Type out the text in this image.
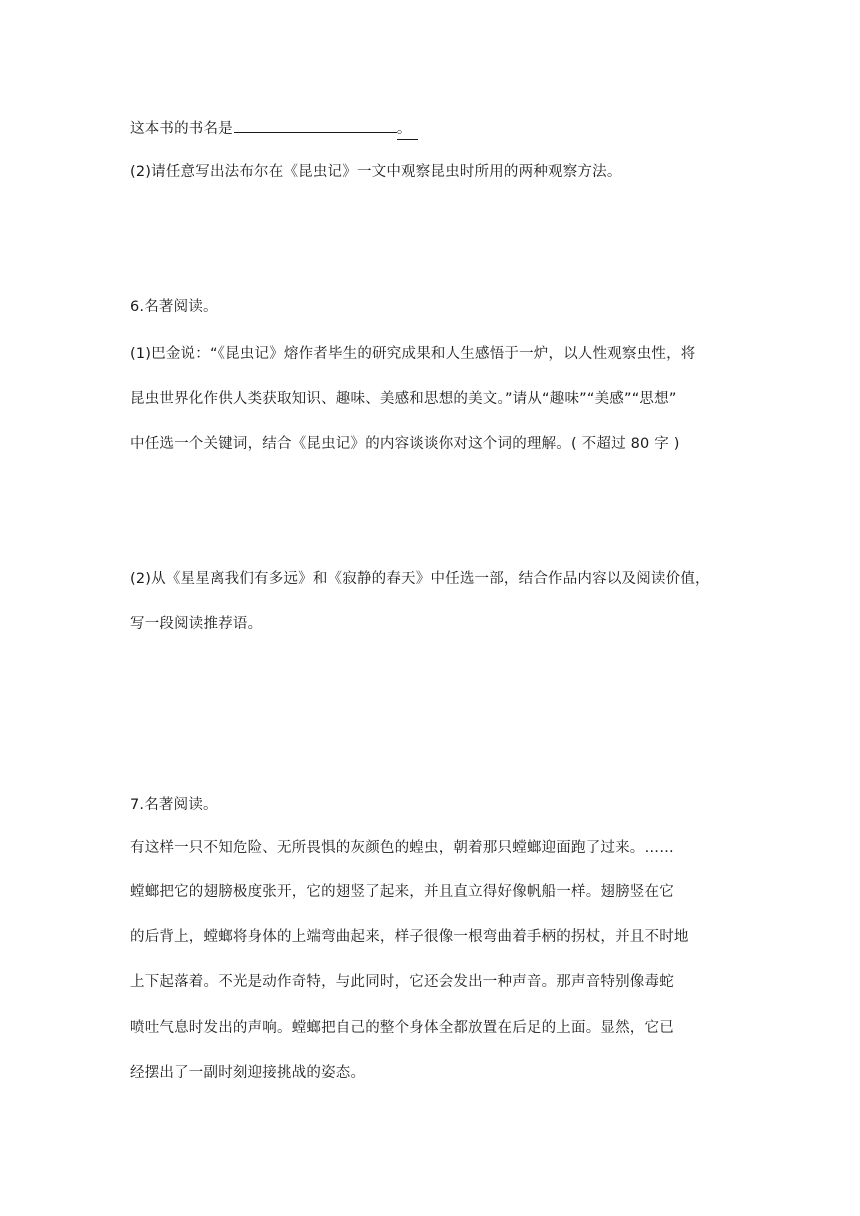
这本书的书名是	。
(2)请任意写出法布尔在《昆虫记》一文中观察昆虫时所用的两种观察方法。
6.名著阅读。
(1)巴金说：“《昆虫记》熔作者毕生的研究成果和人生感悟于一炉，以人性观察虫性，将
昆虫世界化作供人类获取知识、趣味、美感和思想的美文。”请从“趣味”“美感”“思想”
中任选一个关键词，结合《昆虫记》的内容谈谈你对这个词的理解。( 不超过 80 字 )
(2)从《星星离我们有多远》和《寂静的春天》中任选一部，结合作品内容以及阅读价值，
写一段阅读推荐语。
7.名著阅读。
有这样一只不知危险、无所畏惧的灰颜色的蝗虫，朝着那只螳螂迎面跑了过来。……
螳螂把它的翅膀极度张开，它的翅竖了起来，并且直立得好像帆船一样。翅膀竖在它
的后背上，螳螂将身体的上端弯曲起来，样子很像一根弯曲着手柄的拐杖，并且不时地
上下起落着。不光是动作奇特，与此同时，它还会发出一种声音。那声音特别像毒蛇
喷吐气息时发出的声响。螳螂把自己的整个身体全都放置在后足的上面。显然，它已
经摆出了一副时刻迎接挑战的姿态。
